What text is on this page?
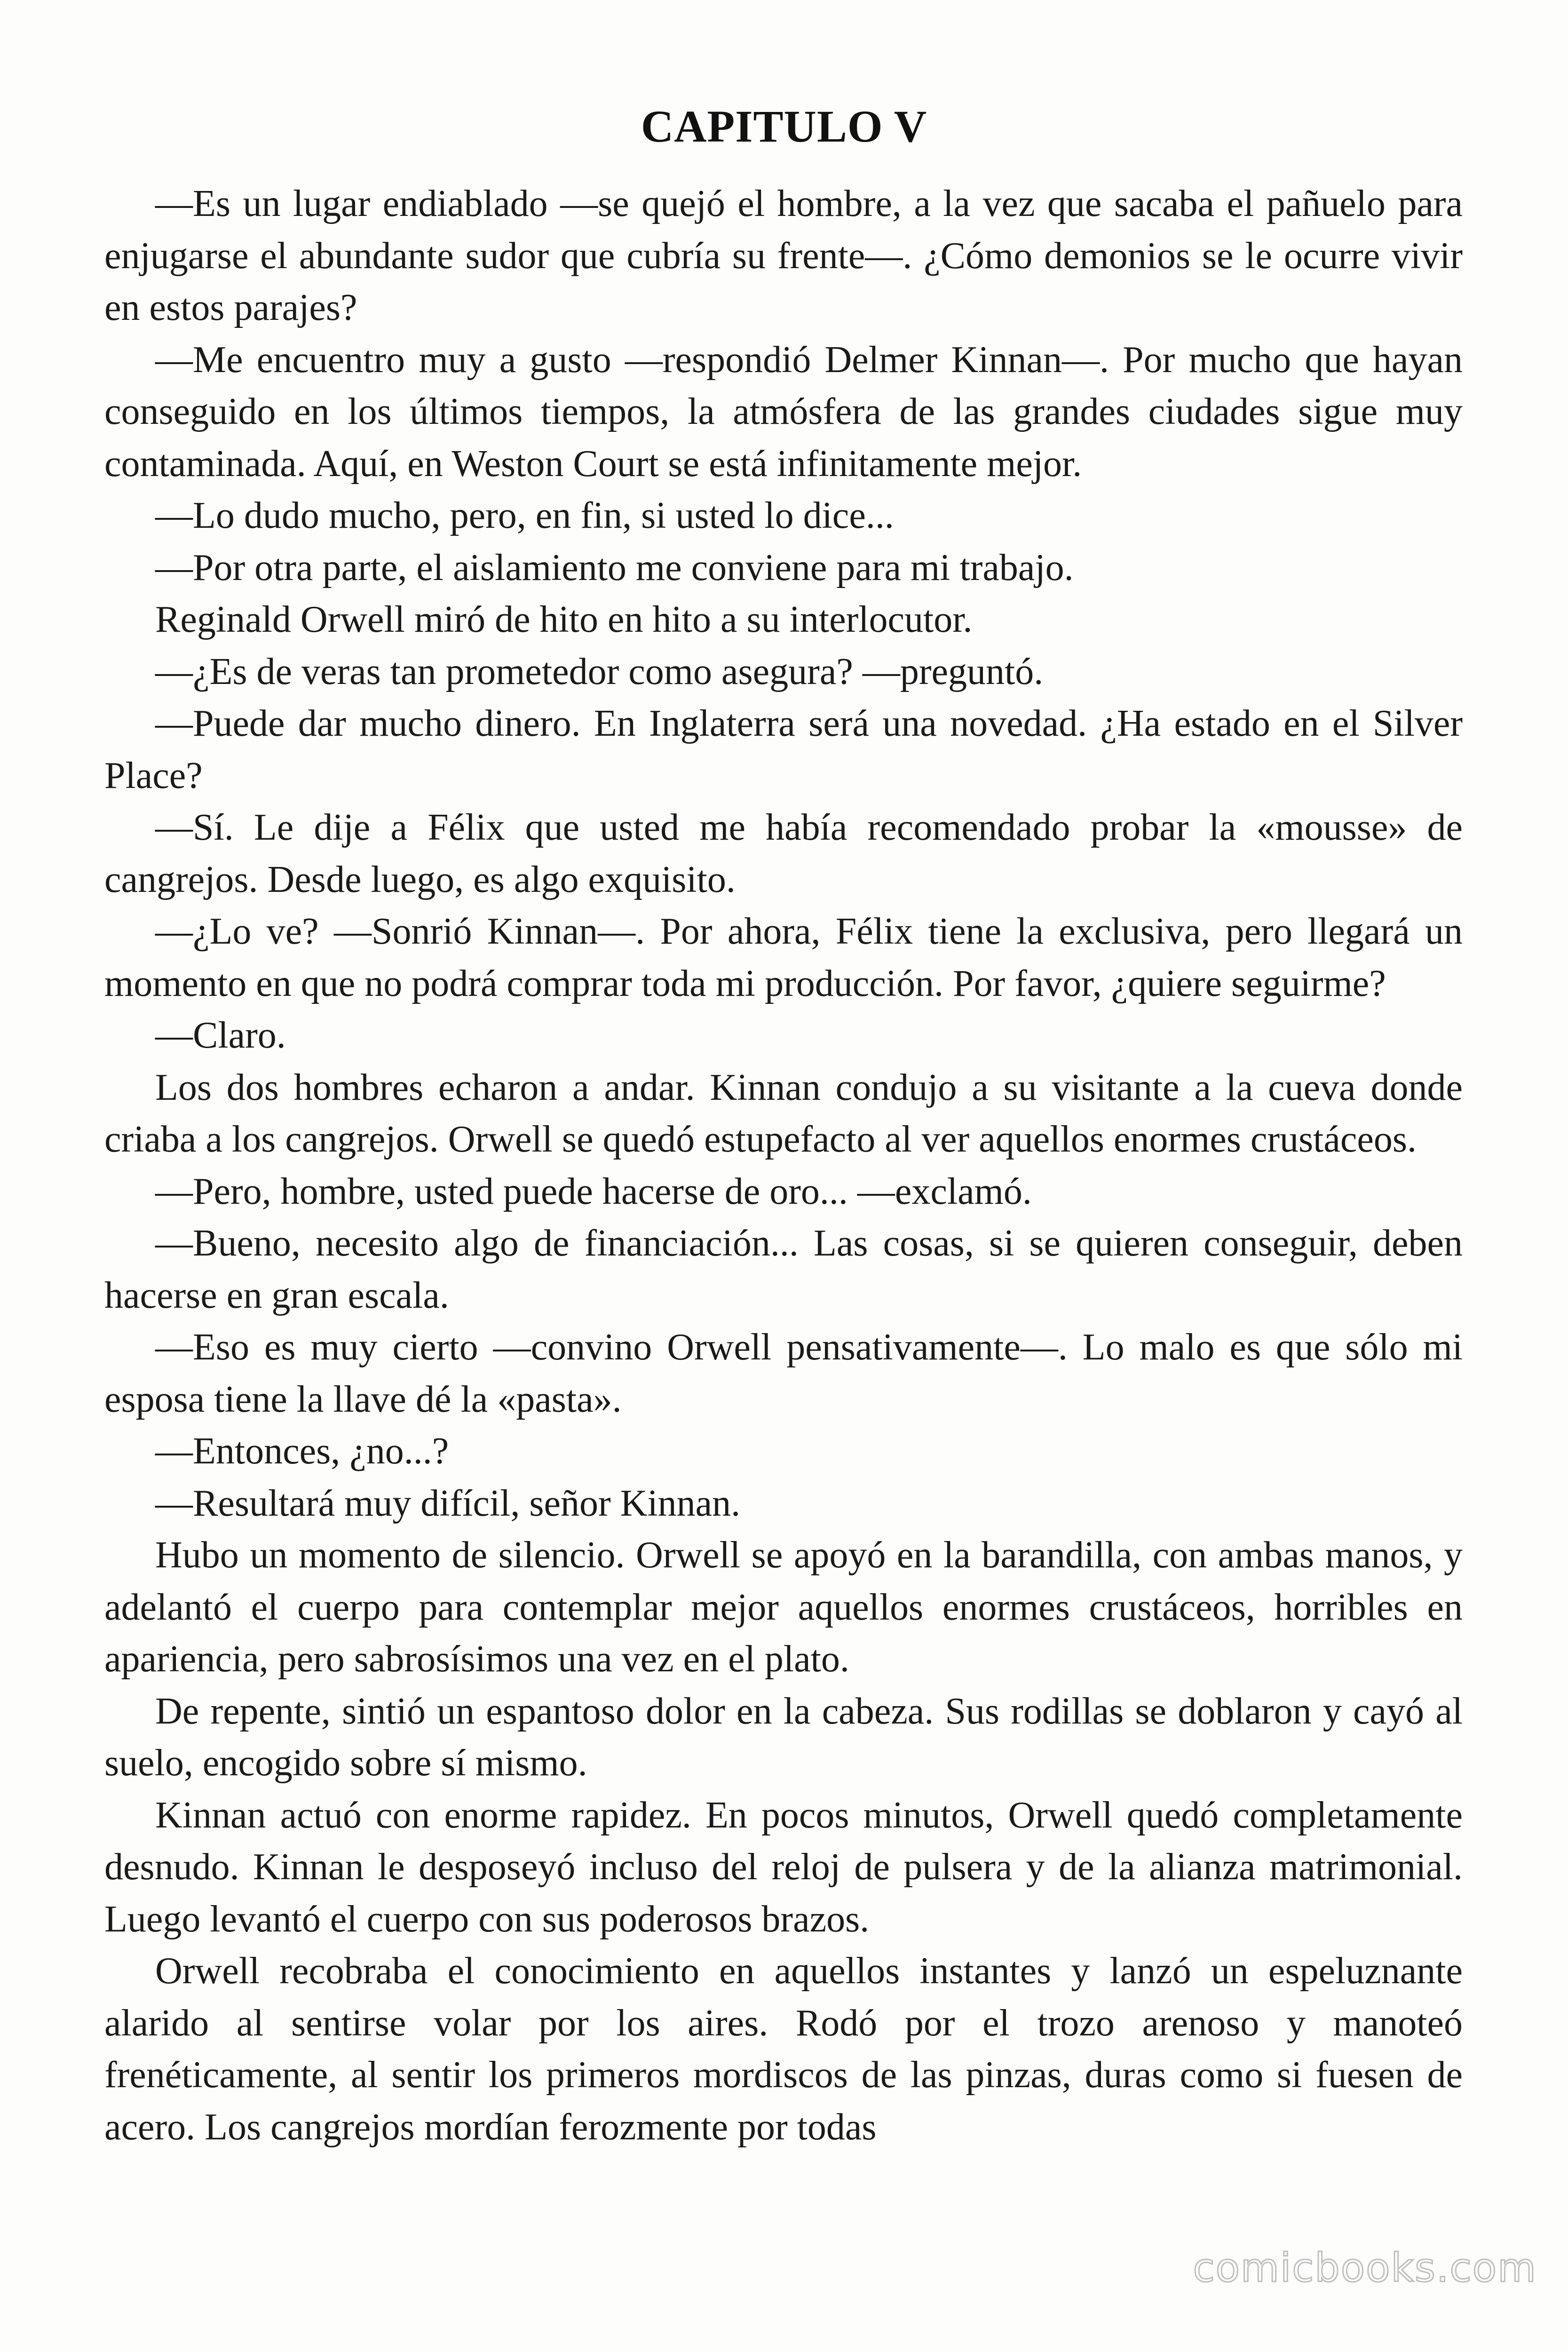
CAPITULO V

—Es un lugar endiablado —se quejó el hombre, a la vez que sacaba el pañuelo para enjugarse el abundante sudor que cubría su frente—. ¿Cómo demonios se le ocurre vivir en estos parajes?

—Me encuentro muy a gusto —respondió Delmer Kinnan—. Por mucho que hayan conseguido en los últimos tiempos, la atmósfera de las grandes ciudades sigue muy contaminada. Aquí, en Weston Court se está infinitamente mejor.

—Lo dudo mucho, pero, en fin, si usted lo dice...

—Por otra parte, el aislamiento me conviene para mi trabajo.

Reginald Orwell miró de hito en hito a su interlocutor.

—¿Es de veras tan prometedor como asegura? —preguntó.

—Puede dar mucho dinero. En Inglaterra será una novedad. ¿Ha estado en el Silver Place?

—Sí. Le dije a Félix que usted me había recomendado probar la «mousse» de cangrejos. Desde luego, es algo exquisito.

—¿Lo ve? —Sonrió Kinnan—. Por ahora, Félix tiene la exclusiva, pero llegará un momento en que no podrá comprar toda mi producción. Por favor, ¿quiere seguirme?

—Claro.

Los dos hombres echaron a andar. Kinnan condujo a su visitante a la cueva donde criaba a los cangrejos. Orwell se quedó estupefacto al ver aquellos enormes crustáceos.

—Pero, hombre, usted puede hacerse de oro... —exclamó.

—Bueno, necesito algo de financiación... Las cosas, si se quieren conseguir, deben hacerse en gran escala.

—Eso es muy cierto —convino Orwell pensativamente—. Lo malo es que sólo mi esposa tiene la llave dé la «pasta».

—Entonces, ¿no...?

—Resultará muy difícil, señor Kinnan.

Hubo un momento de silencio. Orwell se apoyó en la barandilla, con ambas manos, y adelantó el cuerpo para contemplar mejor aquellos enormes crustáceos, horribles en apariencia, pero sabrosísimos una vez en el plato.

De repente, sintió un espantoso dolor en la cabeza. Sus rodillas se doblaron y cayó al suelo, encogido sobre sí mismo.

Kinnan actuó con enorme rapidez. En pocos minutos, Orwell quedó completamente desnudo. Kinnan le desposeyó incluso del reloj de pulsera y de la alianza matrimonial. Luego levantó el cuerpo con sus poderosos brazos.

Orwell recobraba el conocimiento en aquellos instantes y lanzó un espeluznante alarido al sentirse volar por los aires. Rodó por el trozo arenoso y manoteó frenéticamente, al sentir los primeros mordiscos de las pinzas, duras como si fuesen de acero. Los cangrejos mordían ferozmente por todas

comicbooks.com
